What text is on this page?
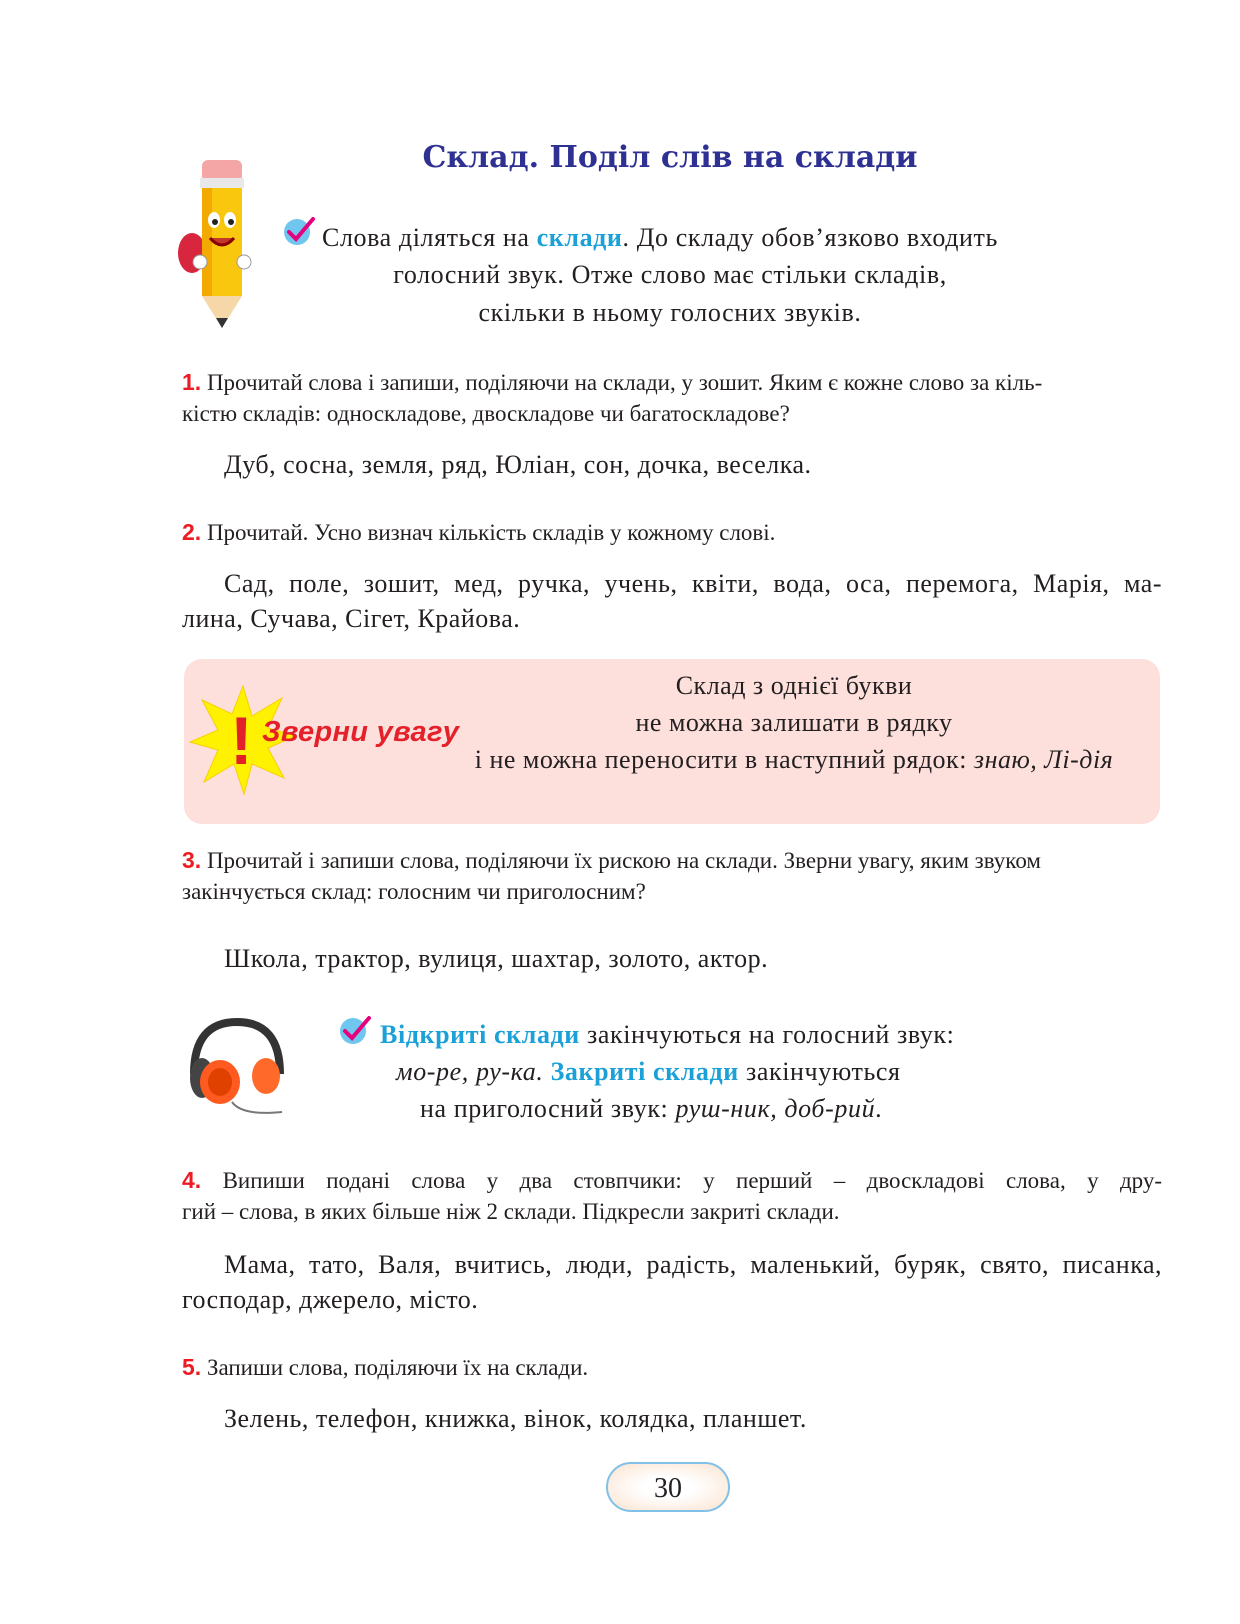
Склад. Поділ слів на склади
Слова діляться на склади. До складу обов’язково входить
голосний звук. Отже слово має стільки складів,
скільки в ньому голосних звуків.
1. Прочитай слова і запиши, поділяючи на склади, у зошит. Яким є кожне слово за кіль-
кістю складів: односкладове, двоскладове чи багатоскладове?
Дуб, сосна, земля, ряд, Юліан, сон, дочка, веселка.
2. Прочитай. Усно визнач кількість складів у кожному слові.
Сад, поле, зошит, мед, ручка, учень, квіти, вода, оса, перемога, Марія, ма-
лина, Сучава, Сігет, Крайова.
! Зверни увагу
Склад з однієї букви
не можна залишати в рядку
і не можна переносити в наступний рядок: знаю, Лі-дія
3. Прочитай і запиши слова, поділяючи їх рискою на склади. Зверни увагу, яким звуком
закінчується склад: голосним чи приголосним?
Школа, трактор, вулиця, шахтар, золото, актор.
Відкриті склади закінчуються на голосний звук:
мо-ре, ру-ка. Закриті склади закінчуються
на приголосний звук: руш-ник, доб-рий.
4. Випиши подані слова у два стовпчики: у перший – двоскладові слова, у дру-
гий – слова, в яких більше ніж 2 склади. Підкресли закриті склади.
Мама, тато, Валя, вчитись, люди, радість, маленький, буряк, свято, писанка,
господар, джерело, місто.
5. Запиши слова, поділяючи їх на склади.
Зелень, телефон, книжка, вінок, колядка, планшет.
30
